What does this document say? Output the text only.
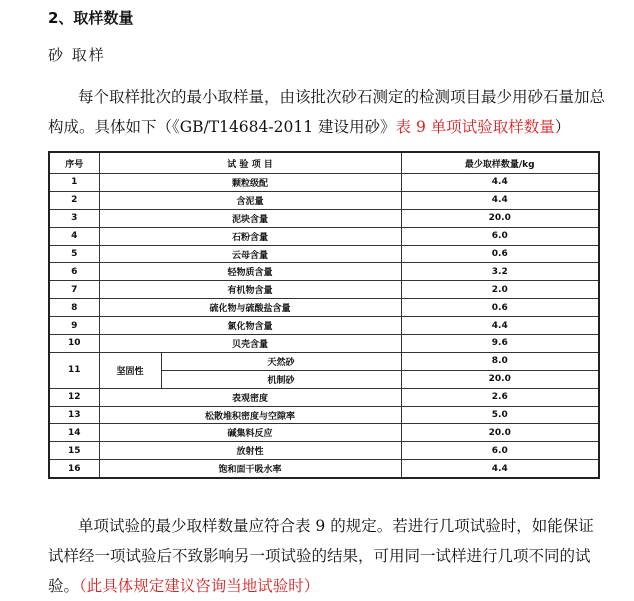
2、取样数量
砂 取样
每个取样批次的最小取样量，由该批次砂石测定的检测项目最少用砂石量加总构成。具体如下（《GB/T14684-2011 建设用砂》表 9 单项试验取样数量）
序号	试 验 项 目		最少取样数量/kg
1	颗粒级配		4.4
2	含泥量		4.4
3	泥块含量		20.0
4	石粉含量		6.0
5	云母含量		0.6
6	轻物质含量		3.2
7	有机物含量		2.0
8	硫化物与硫酸盐含量		0.6
9	氯化物含量		4.4
10	贝壳含量		9.6
11	坚固性	天然砂	8.0
		机制砂	20.0
12	表观密度		2.6
13	松散堆积密度与空隙率		5.0
14	碱集料反应		20.0
15	放射性		6.0
16	饱和面干吸水率		4.4
单项试验的最少取样数量应符合表 9 的规定。若进行几项试验时，如能保证试样经一项试验后不致影响另一项试验的结果，可用同一试样进行几项不同的试验。（此具体规定建议咨询当地试验时）
